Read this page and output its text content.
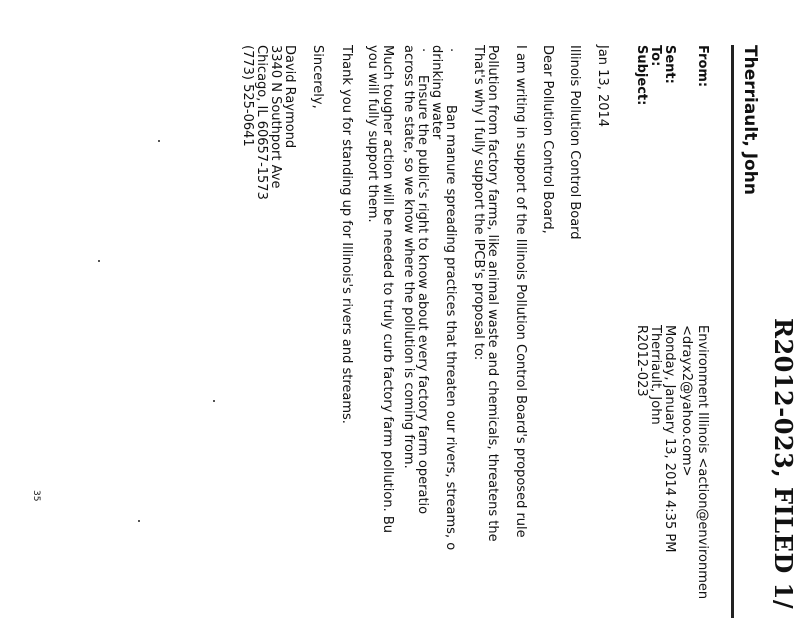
R2012-023, FILED 1/
Therriault, John
From:
Environment Illinois <action@environmen
<drayx2@yahoo.com>
Sent:
Monday, January 13, 2014 4:35 PM
To:
Therriault, John
Subject:
R2012-023
Jan 13, 2014
Illinois Pollution Control Board
Dear Pollution Control Board,
I am writing in support of the Illinois Pollution Control Board's proposed rule
Pollution from factory farms, like animal waste and chemicals, threatens the
That's why I fully support the IPCB's proposal to:
·
Ban manure spreading practices that threaten our rivers, streams, o
drinking water
·
Ensure the public's right to know about every factory farm operatio
across the state, so we know where the pollution is coming from.
Much tougher action will be needed to truly curb factory farm pollution. Bu
you will fully support them.
Thank you for standing up for Illinois's rivers and streams.
Sincerely,
David Raymond
3340 N Southport Ave
Chicago, IL 60657-1573
(773) 525-0641
35
